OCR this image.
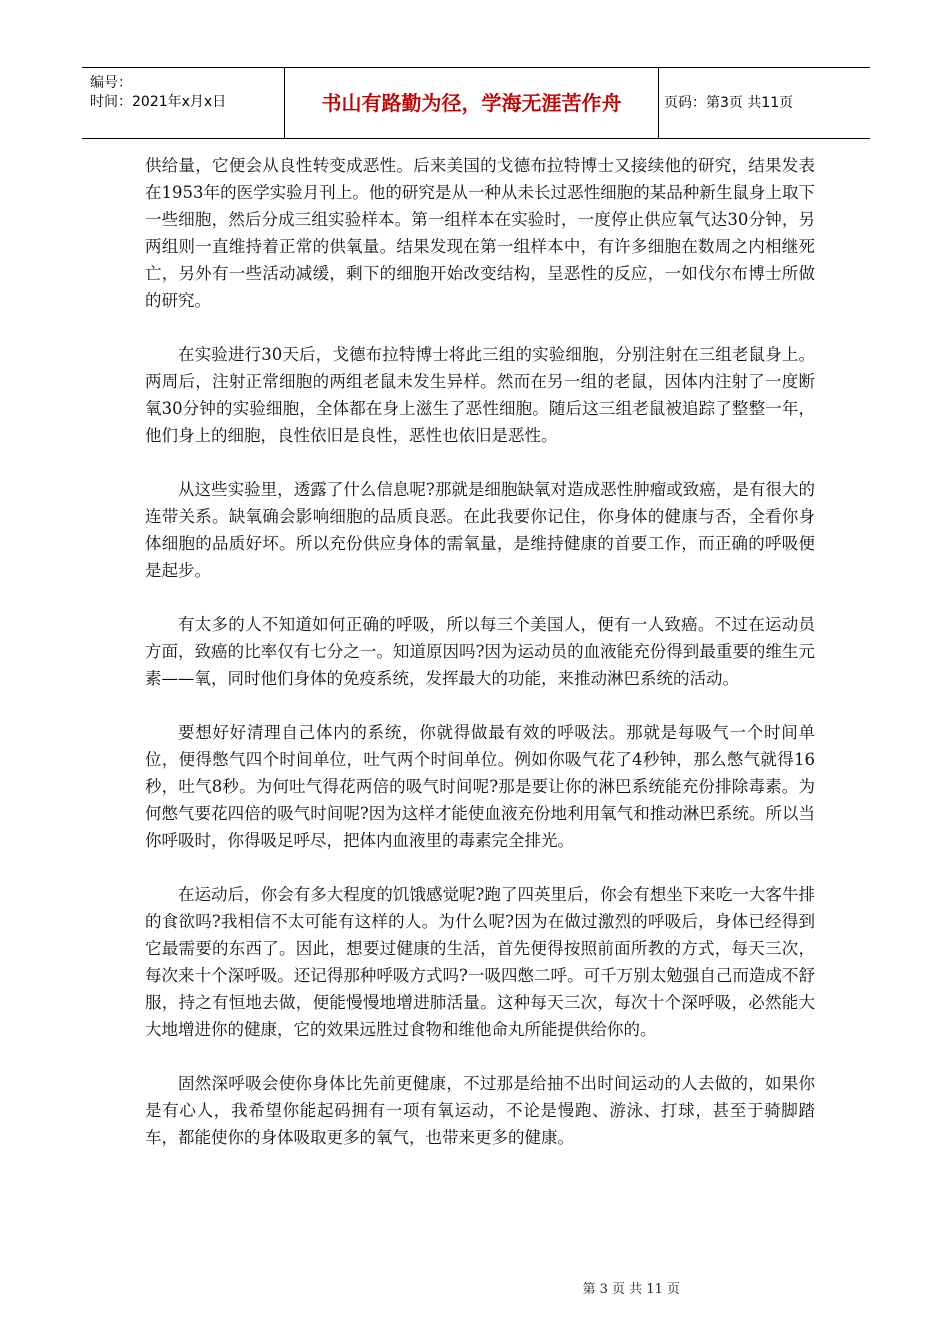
编号：
时间：2021年x月x日	书山有路勤为径，学海无涯苦作舟	页码：第3页 共11页

供给量，它便会从良性转变成恶性。后来美国的戈德布拉特博士又接续他的研究，结果发表在1953年的医学实验月刊上。他的研究是从一种从未长过恶性细胞的某品种新生鼠身上取下一些细胞，然后分成三组实验样本。第一组样本在实验时，一度停止供应氧气达30分钟，另两组则一直维持着正常的供氧量。结果发现在第一组样本中，有许多细胞在数周之内相继死亡，另外有一些活动减缓，剩下的细胞开始改变结构，呈恶性的反应，一如伐尔布博士所做的研究。

在实验进行30天后，戈德布拉特博士将此三组的实验细胞，分别注射在三组老鼠身上。两周后，注射正常细胞的两组老鼠未发生异样。然而在另一组的老鼠，因体内注射了一度断氧30分钟的实验细胞，全体都在身上滋生了恶性细胞。随后这三组老鼠被追踪了整整一年，他们身上的细胞，良性依旧是良性，恶性也依旧是恶性。

从这些实验里，透露了什么信息呢?那就是细胞缺氧对造成恶性肿瘤或致癌，是有很大的连带关系。缺氧确会影响细胞的品质良恶。在此我要你记住，你身体的健康与否，全看你身体细胞的品质好坏。所以充份供应身体的需氧量，是维持健康的首要工作，而正确的呼吸便是起步。

有太多的人不知道如何正确的呼吸，所以每三个美国人，便有一人致癌。不过在运动员方面，致癌的比率仅有七分之一。知道原因吗?因为运动员的血液能充份得到最重要的维生元素——氧，同时他们身体的免疫系统，发挥最大的功能，来推动淋巴系统的活动。

要想好好清理自己体内的系统，你就得做最有效的呼吸法。那就是每吸气一个时间单位，便得憋气四个时间单位，吐气两个时间单位。例如你吸气花了4秒钟，那么憋气就得16秒，吐气8秒。为何吐气得花两倍的吸气时间呢?那是要让你的淋巴系统能充份排除毒素。为何憋气要花四倍的吸气时间呢?因为这样才能使血液充份地利用氧气和推动淋巴系统。所以当你呼吸时，你得吸足呼尽，把体内血液里的毒素完全排光。

在运动后，你会有多大程度的饥饿感觉呢?跑了四英里后，你会有想坐下来吃一大客牛排的食欲吗?我相信不太可能有这样的人。为什么呢?因为在做过激烈的呼吸后，身体已经得到它最需要的东西了。因此，想要过健康的生活，首先便得按照前面所教的方式，每天三次，每次来十个深呼吸。还记得那种呼吸方式吗?一吸四憋二呼。可千万别太勉强自己而造成不舒服，持之有恒地去做，便能慢慢地增进肺活量。这种每天三次，每次十个深呼吸，必然能大大地增进你的健康，它的效果远胜过食物和维他命丸所能提供给你的。

固然深呼吸会使你身体比先前更健康，不过那是给抽不出时间运动的人去做的，如果你是有心人，我希望你能起码拥有一项有氧运动，不论是慢跑、游泳、打球，甚至于骑脚踏车，都能使你的身体吸取更多的氧气，也带来更多的健康。

第 3 页 共 11 页
